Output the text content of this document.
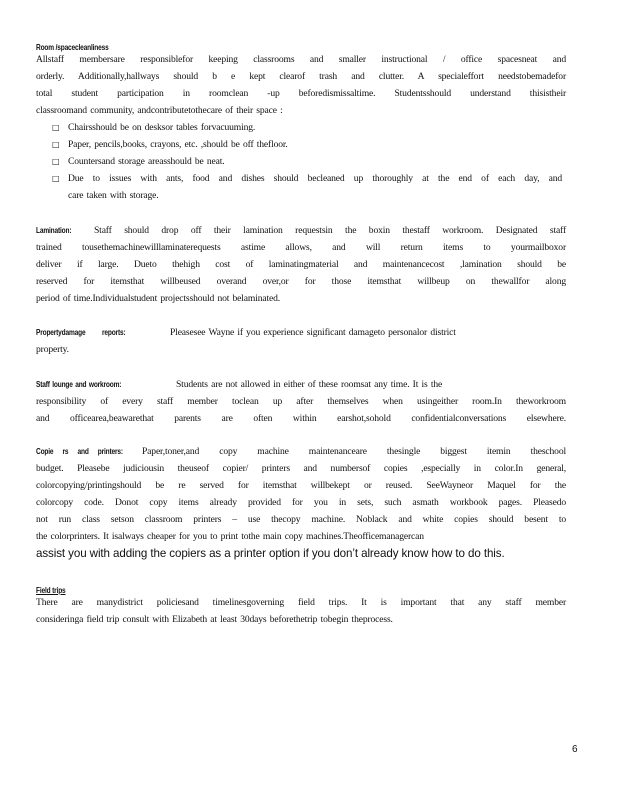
Room /spacecleanliness
Allstaff membersare responsiblefor keeping classrooms and smaller instructional / office spacesneat and
orderly. Additionally,hallways should b e kept clearof trash and clutter. A specialeffort needstobemadefor
total student participation in roomclean -up beforedismissaltime. Studentsshould understand thisistheir
classroomand community, andcontributetothecare of their space :
□ Chairsshould be on desksor tables forvacuuming.
□ Paper, pencils,books, crayons, etc. ,should be off thefloor.
□ Countersand storage areasshould be neat.
□ Due to issues with ants, food and dishes should becleaned up thoroughly at the end of each day, and
care taken with storage.
Lamination: Staff should drop off their lamination requestsin the boxin thestaff workroom. Designated staff
trained tousethemachinewilllaminaterequests astime allows, and will return items to yourmailboxor
deliver if large. Dueto thehigh cost of laminatingmaterial and maintenancecost ,lamination should be
reserved for itemsthat willbeused overand over,or for those itemsthat willbeup on thewallfor along
period of time.Individualstudent projectsshould not belaminated.
Propertydamage reports:	Pleasesee Wayne if you experience significant damageto personalor district
property.
Staff lounge and workroom:	Students are not allowed in either of these roomsat any time. It is the
responsibility of every staff member toclean up after themselves when usingeither room.In theworkroom
and officearea,beawarethat parents are often within earshot,sohold confidentialconversations elsewhere.
Copie rs and printers: Paper,toner,and copy machine maintenanceare thesingle biggest itemin theschool
budget. Pleasebe judiciousin theuseof copier/ printers and numbersof copies ,especially in color.In general,
colorcopying/printingshould be re served for itemsthat willbekept or reused. SeeWayneor Maquel for the
colorcopy code. Donot copy items already provided for you in sets, such asmath workbook pages. Pleasedo
not run class setson classroom printers – use thecopy machine. Noblack and white copies should besent to
the colorprinters. It isalways cheaper for you to print tothe main copy machines.Theofficemanagercan
assist you with adding the copiers as a printer option if you don’t already know how to do this.
Field trips
There are manydistrict policiesand timelinesgoverning field trips. It is important that any staff member
consideringa field trip consult with Elizabeth at least 30days beforethetrip tobegin theprocess.
6
